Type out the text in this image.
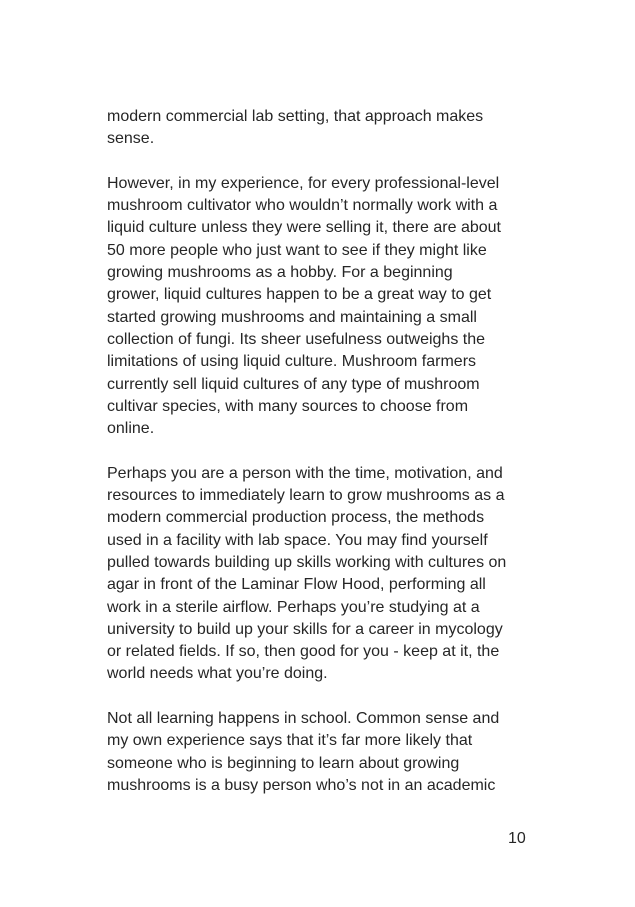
modern commercial lab setting, that approach makes
sense.
However, in my experience, for every professional-level
mushroom cultivator who wouldn’t normally work with a
liquid culture unless they were selling it, there are about
50 more people who just want to see if they might like
growing mushrooms as a hobby. For a beginning
grower, liquid cultures happen to be a great way to get
started growing mushrooms and maintaining a small
collection of fungi. Its sheer usefulness outweighs the
limitations of using liquid culture. Mushroom farmers
currently sell liquid cultures of any type of mushroom
cultivar species, with many sources to choose from
online.
Perhaps you are a person with the time, motivation, and
resources to immediately learn to grow mushrooms as a
modern commercial production process, the methods
used in a facility with lab space. You may find yourself
pulled towards building up skills working with cultures on
agar in front of the Laminar Flow Hood, performing all
work in a sterile airflow. Perhaps you’re studying at a
university to build up your skills for a career in mycology
or related fields. If so, then good for you - keep at it, the
world needs what you’re doing.
Not all learning happens in school. Common sense and
my own experience says that it’s far more likely that
someone who is beginning to learn about growing
mushrooms is a busy person who’s not in an academic
10
